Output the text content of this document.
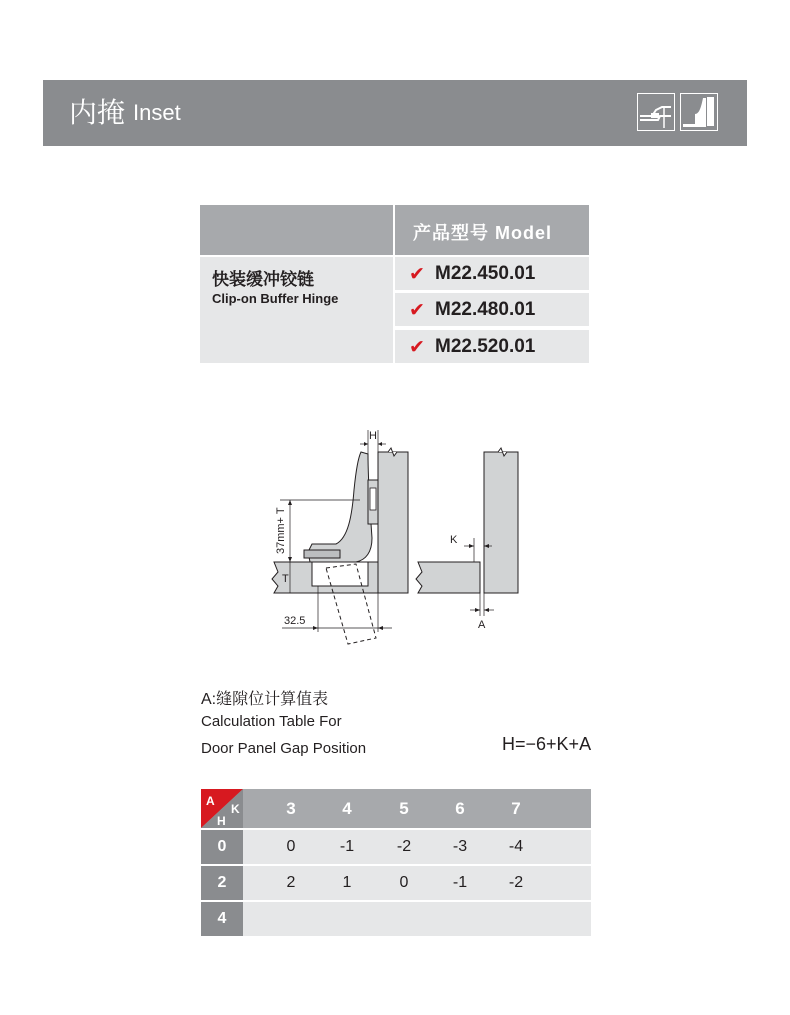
内掩 Inset
产品型号 Model
快装缓冲铰链
Clip-on Buffer Hinge
✔ M22.450.01
✔ M22.480.01
✔ M22.520.01
H
37mm+ T
T
32.5
K
A
A:缝隙位计算值表
Calculation Table For
Door Panel Gap Position	H=−6+K+A
A
H
K	3	4	5	6	7
0	0	-1	-2	-3	-4
2	2	1	0	-1	-2
4
